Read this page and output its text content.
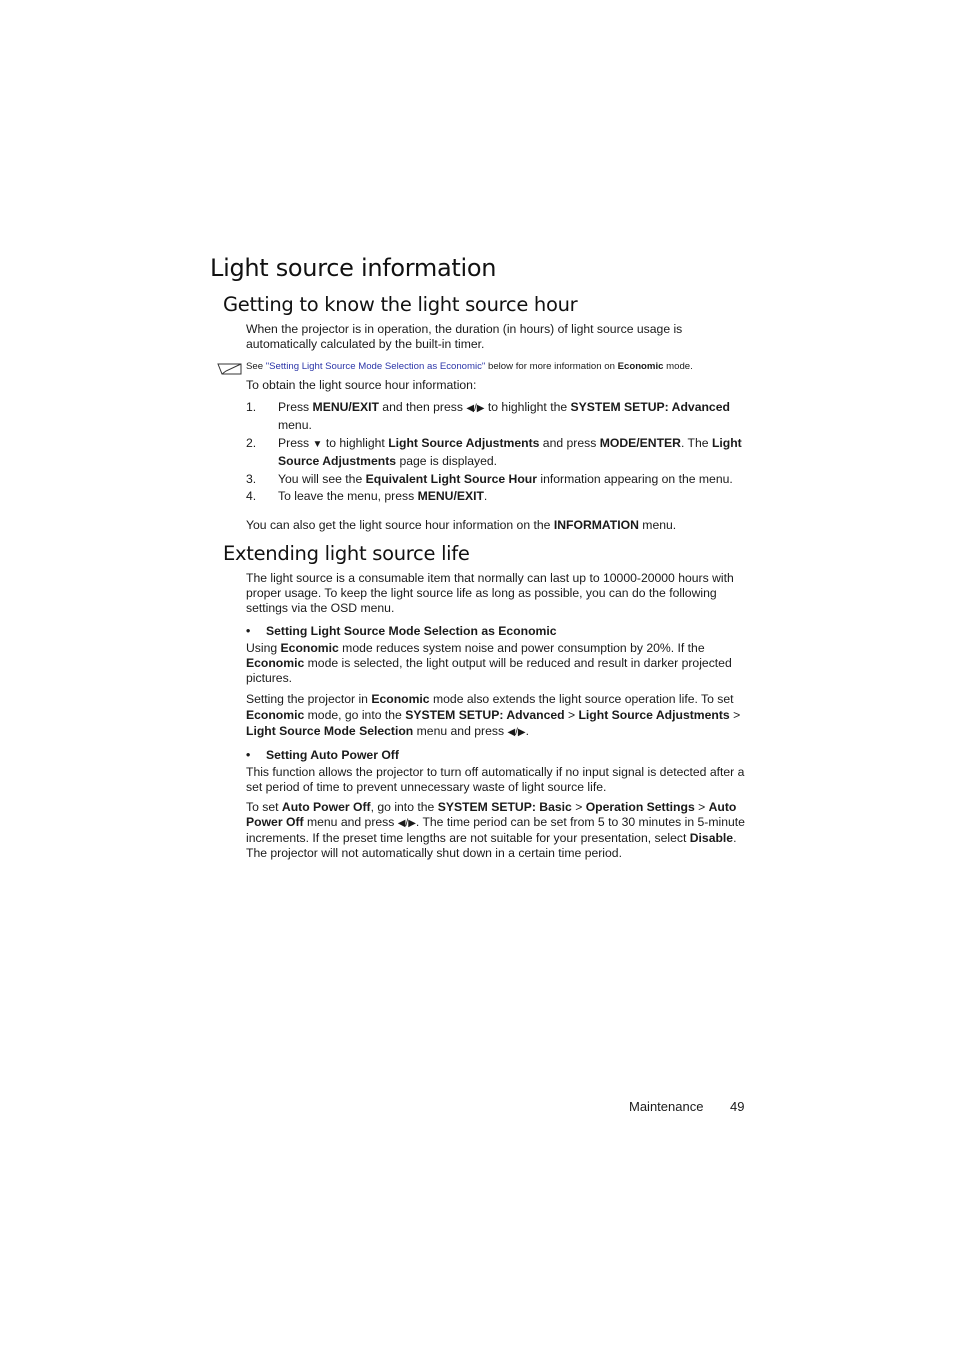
Light source information
Getting to know the light source hour

When the projector is in operation, the duration (in hours) of light source usage is automatically calculated by the built-in timer.

See "Setting Light Source Mode Selection as Economic" below for more information on Economic mode.

To obtain the light source hour information:

1. Press MENU/EXIT and then press ◀/▶ to highlight the SYSTEM SETUP: Advanced menu.
2. Press ▼ to highlight Light Source Adjustments and press MODE/ENTER. The Light Source Adjustments page is displayed.
3. You will see the Equivalent Light Source Hour information appearing on the menu.
4. To leave the menu, press MENU/EXIT.

You can also get the light source hour information on the INFORMATION menu.

Extending light source life

The light source is a consumable item that normally can last up to 10000-20000 hours with proper usage. To keep the light source life as long as possible, you can do the following settings via the OSD menu.

• Setting Light Source Mode Selection as Economic

Using Economic mode reduces system noise and power consumption by 20%. If the Economic mode is selected, the light output will be reduced and result in darker projected pictures.

Setting the projector in Economic mode also extends the light source operation life. To set Economic mode, go into the SYSTEM SETUP: Advanced > Light Source Adjustments > Light Source Mode Selection menu and press ◀/▶.

• Setting Auto Power Off

This function allows the projector to turn off automatically if no input signal is detected after a set period of time to prevent unnecessary waste of light source life.

To set Auto Power Off, go into the SYSTEM SETUP: Basic > Operation Settings > Auto Power Off menu and press ◀/▶. The time period can be set from 5 to 30 minutes in 5-minute increments. If the preset time lengths are not suitable for your presentation, select Disable. The projector will not automatically shut down in a certain time period.

Maintenance 49
